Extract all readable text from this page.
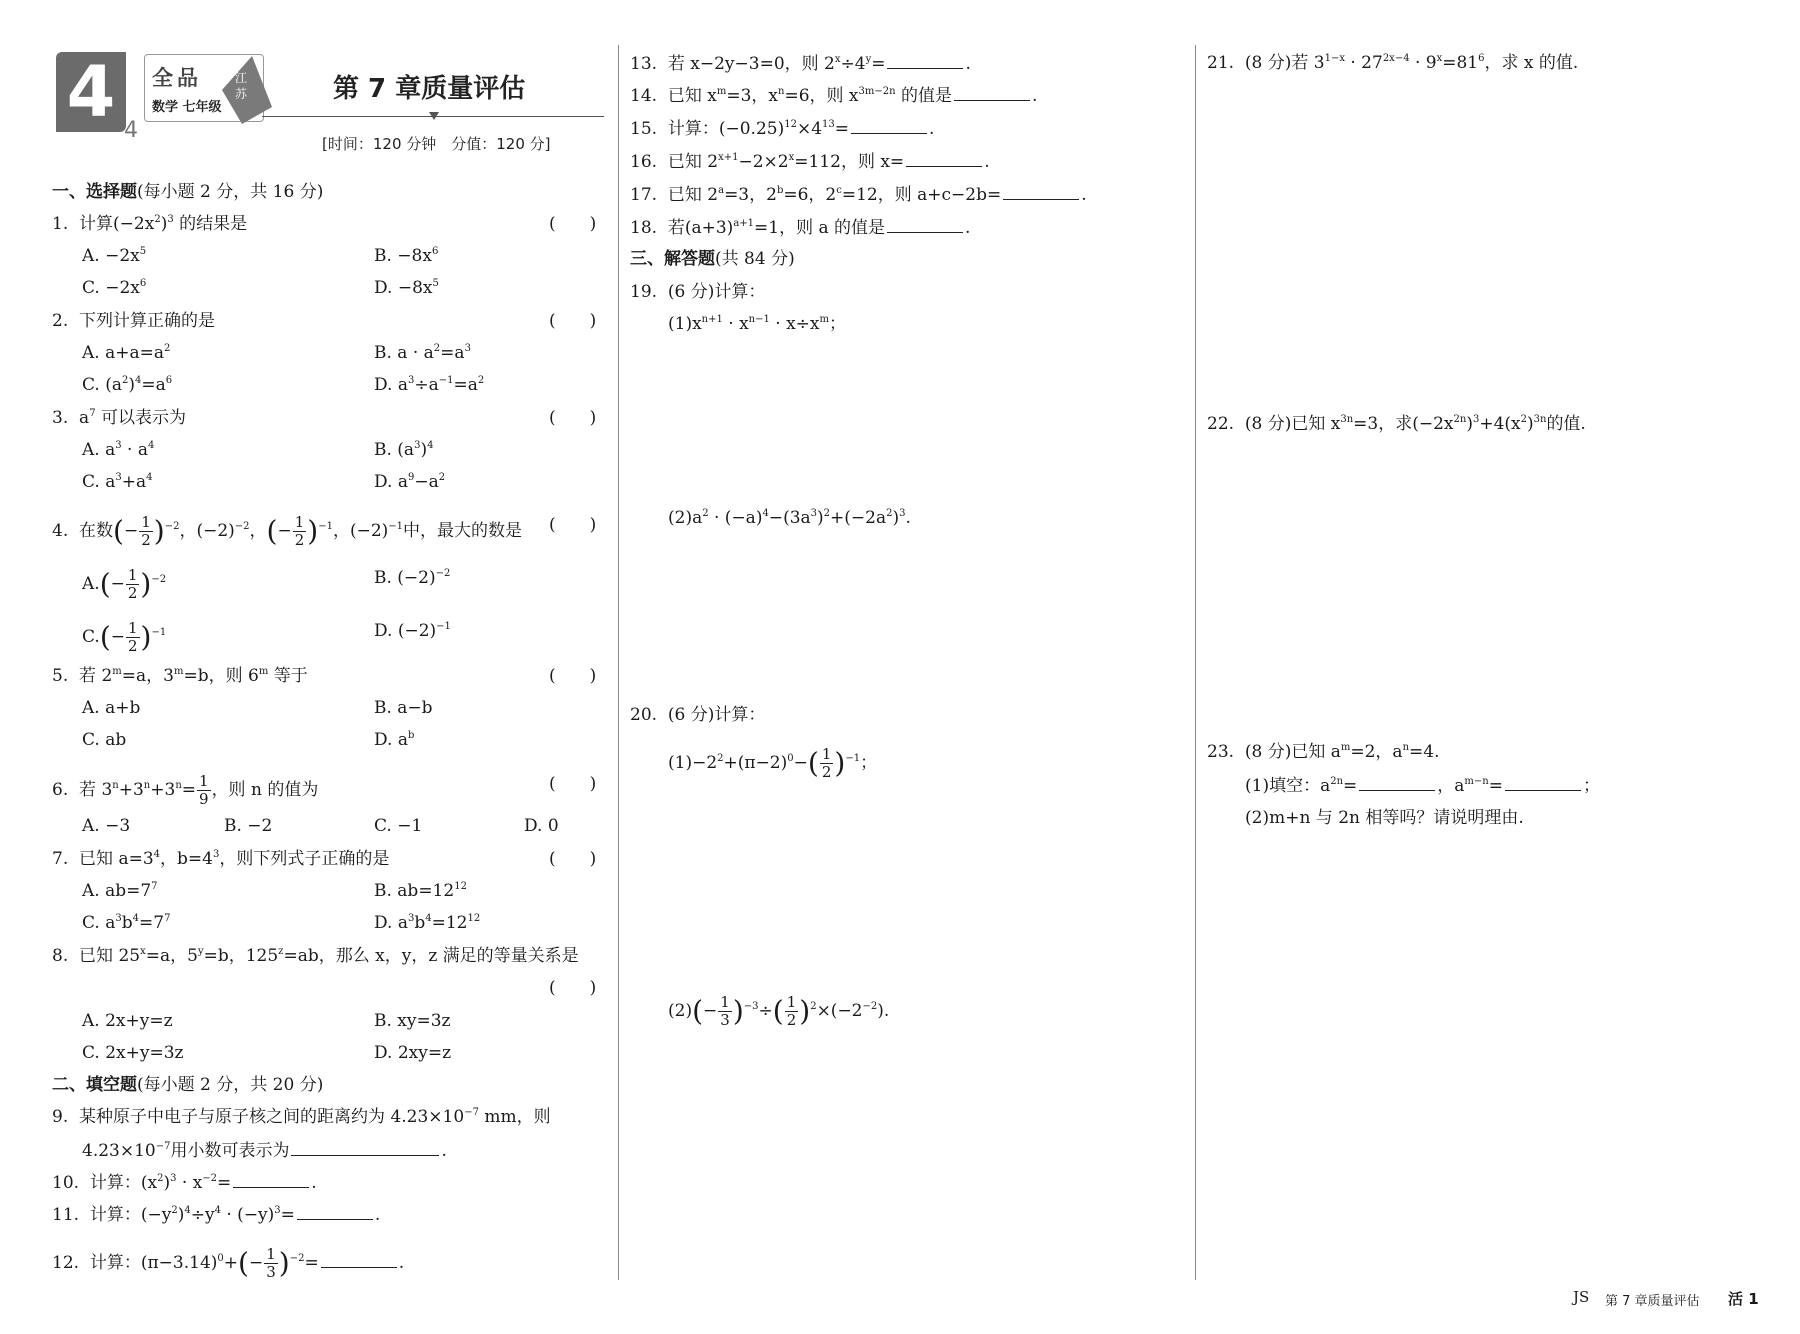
4 4
全品
数学 七年级
江苏	第 7 章质量评估
[时间：120 分钟　分值：120 分]
一、选择题(每小题 2 分，共 16 分)
1. 计算$(-2x^2)^3$ 的结果是	(　　)
A. $-2x^5$	B. $-8x^6$
C. $-2x^6$	D. $-8x^5$
2. 下列计算正确的是	(　　)
A. $a+a=a^2$	B. $a \cdot a^2=a^3$
C. $(a^2)^4=a^6$	D. $a^3\div a^{-1}=a^2$
3.  $a^7$ 可以表示为	(　　)
A. $a^3 \cdot a^4$	B. $(a^3)^4$
C. $a^3+a^4$	D. $a^9-a^2$
4. 在数(− $\frac{1}{2} )^{-2}$，$(-2)^{-2}$，(− $\frac{1}{2} )^{-1}$，$(-2)^{-1}$中，最大的数是 (　　)
$A.(- \frac{1}{2} )^{-2}$	B. $(-2)^{-2}$
$C.(- \frac{1}{2} )^{-1}$	D. $(-2)^{-1}$
5. 若 $2^m=a$，$3^m=b$，则 6$^m$ 等于	(　　)
A. a+b	B. a−b
C. ab	D. $a^b$
6. 若 $3^n+3^n+3^n= \frac{1}{9}$ ，则 n 的值为	(　　)
A. −3	B. −2	C. −1	D. 0
7. 已知 $a=3^4$，$b=4^3$，则下列式子正确的是	(　　)
A. $ab=7^7$	B. $ab=12^{12}$
C. $a^3b^4=7^7$	D. $a^3b^4=12^{12}$
8. 已知 $25^x=a$，$5^y=b$，$125^z=ab$，那么 x，y，z 满足的等量关系是
(　　)
A. 2x+y=z	B. xy=3z
C. 2x+y=3z	D. 2xy=z
二、填空题(每小题 2 分，共 20 分)
9. 某种原子中电子与原子核之间的距离约为 $4.23\times 10^{-7}$ mm，则
$4.23\times 10^{-7}$用小数可表示为	.
10. 计算：$(x^2)^3 \cdot x^{-2}=$	.
11. 计算：$(-y^2)^4\div y^4 \cdot (-y)^3=$	.
12. 计算：$(\pi-3.14)^0+(- \frac{1}{3} )^{-2}=$	.
13. 若 x−2y−3=0，则 $2^x\div 4^y=$	.
14. 已知 $x^m=3$，$x^n=6$，则 $x^{3m-2n}$ 的值是	.
15. 计算：$(-0.25)^{12}\times 4^{13}=$	.
16. 已知 $2^{x+1}-2\times 2^x=112$，则 x=	.
17. 已知 $2^a=3$，$2^b=6$，$2^c=12$，则 a+c−2b=	.
18. 若$(a+3)^{a+1}=1$，则 a 的值是	.
三、解答题(共 84 分)
19. (6 分)计算：
$(1)x^{n+1} \cdot x^{n-1} \cdot x\div x^m$；
$(2)a^2 \cdot (-a)^4-(3a^3)^2+(-2a^2)^3$.
20. (6 分)计算：
$(1)-2^2+(\pi-2)^0-( \frac{1}{2} )^{-1}$；
$(2)(- \frac{1}{3} )^{-3}\div( \frac{1}{2} )^2\times(-2^{-2})$.
21. (8 分)若 $3^{1-x} \cdot 27^{2x-4} \cdot 9^x=81^6$，求 x 的值.
22. (8 分)已知 $x^{3n}=3$，求$(-2x^{2n})^3+4(x^2)^{3n}$的值.
23. (8 分)已知 $a^m=2$，$a^n=4$.
(1)填空：$a^{2n}=$	，$a^{m-n}=$	；
(2)m+n 与 2n 相等吗？请说明理由.
JS 第 7 章质量评估 活 1
